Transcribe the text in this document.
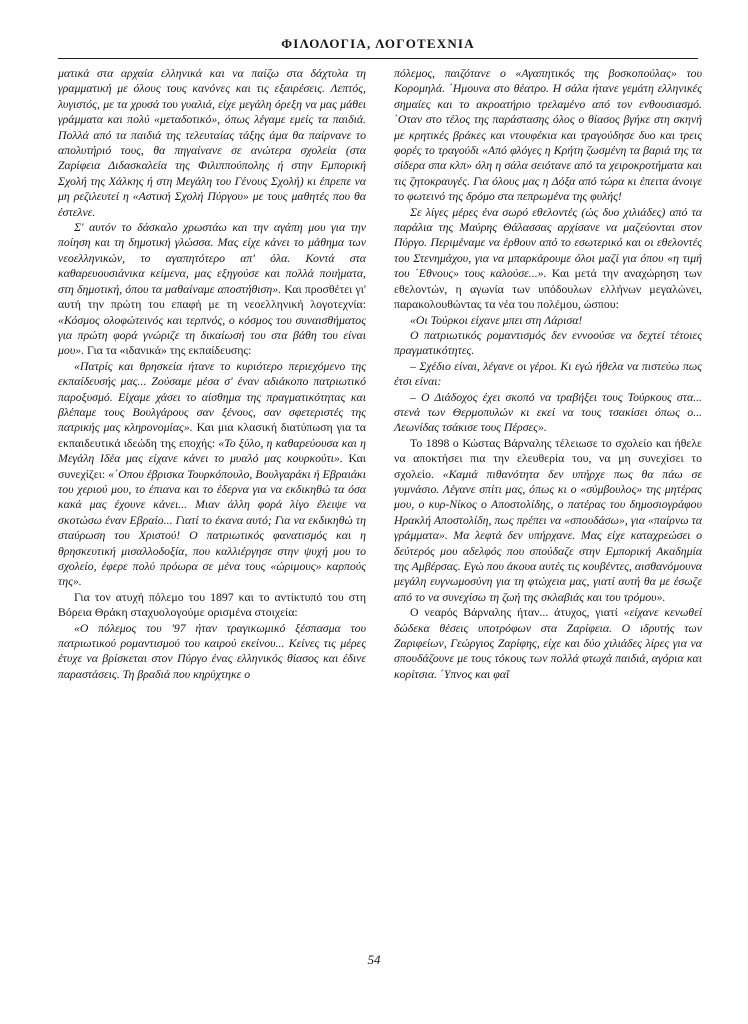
ΦΙΛΟΛΟΓΙΑ, ΛΟΓΟΤΕΧΝΙΑ

ματικά στα αρχαία ελληνικά και να παίζω στα δάχτυλα τη γραμματική με όλους τους κανόνες και τις εξαιρέσεις. Λεπτός, λυγιστός, με τα χρυσά του γυαλιά, είχε μεγάλη όρεξη να μας μάθει γράμματα και πολύ «μεταδοτικό», όπως λέγαμε εμείς τα παιδιά. Πολλά από τα παιδιά της τελευταίας τάξης άμα θα παίρνανε το απολυτήριό τους, θα πηγαίνανε σε ανώτερα σχολεία (στα Ζαρίφεια Διδασκαλεία της Φιλιππούπολης ή στην Εμπορική Σχολή της Χάλκης ή στη Μεγάλη του Γένους Σχολή) κι έπρεπε να μη ρεζιλευτεί η «Αστική Σχολή Πύργου» με τους μαθητές που θα έστελνε.

Σ' αυτόν το δάσκαλο χρωστάω και την αγάπη μου για την ποίηση και τη δημοτική γλώσσα. Μας είχε κάνει το μάθημα των νεοελληνικών, το αγαπητότερο απ' όλα. Κοντά στα καθαρευουσιάνικα κείμενα, μας εξηγούσε και πολλά ποιήματα, στη δημοτική, όπου τα μαθαίναμε αποστήθιση». Και προσθέτει γι' αυτή την πρώτη του επαφή με τη νεοελληνική λογοτεχνία: «Κόσμος ολοφώτεινός και τερπνός, ο κόσμος του συναισθήματος για πρώτη φορά γνώριζε τη δικαίωσή του στα βάθη του είναι μου». Για τα «ιδανικά» της εκπαίδευσης:

«Πατρίς και θρησκεία ήτανε το κυριότερο περιεχόμενο της εκπαίδευσής μας... Ζούσαμε μέσα σ' έναν αδιάκοπο πατριωτικό παροξυσμό. Είχαμε χάσει το αίσθημα της πραγματικότητας και βλέπαμε τους Βουλγάρους σαν ξένους, σαν σφετεριστές της πατρικής μας κληρονομίας». Και μια κλασική διατύπωση για τα εκπαιδευτικά ιδεώδη της εποχής: «Το ξύλο, η καθαρεύουσα και η Μεγάλη Ιδέα μας είχανε κάνει το μυαλό μας κουρκούτι». Και συνεχίζει: «΄Οπου έβρισκα Τουρκόπουλο, Βουλγαράκι ή Εβραιάκι του χεριού μου, το έπιανα και το έδερνα για να εκδικηθώ τα όσα κακά μας έχουνε κάνει... Μιαν άλλη φορά λίγο έλειψε να σκοτώσω έναν Εβραίο... Γιατί το έκανα αυτό; Για να εκδικηθώ τη σταύρωση του Χριστού! Ο πατριωτικός φανατισμός και η θρησκευτική μισαλλοδοξία, που καλλιέργησε στην ψυχή μου το σχολείο, έφερε πολύ πρόωρα σε μένα τους «ώριμους» καρπούς της».

Για τον ατυχή πόλεμο του 1897 και το αντίκτυπό του στη Βόρεια Θράκη σταχυολογούμε ορισμένα στοιχεία:

«Ο πόλεμος του '97 ήταν τραγικωμικό ξέσπασμα του πατριωτικού ρομαντισμού του καιρού εκείνου... Κείνες τις μέρες έτυχε να βρίσκεται στον Πύργο ένας ελληνικός θίασος και έδινε παραστάσεις. Τη βραδιά που κηρύχτηκε ο

πόλεμος, παιζότανε ο «Αγαπητικός της βοσκοπούλας» του Κορομηλά. ΄Ημουνα στο θέατρο. Η σάλα ήτανε γεμάτη ελληνικές σημαίες και το ακροατήριο τρελαμένο από τον ενθουσιασμό. ΄Οταν στο τέλος της παράστασης όλος ο θίασος βγήκε στη σκηνή με κρητικές βράκες και ντουφέκια και τραγούδησε δυο και τρεις φορές το τραγούδι «Από φλόγες η Κρήτη ζωσμένη τα βαριά της τα σίδερα σπα κλπ» όλη η σάλα σειότανε από τα χειροκροτήματα και τις ζητοκραυγές. Για όλους μας η Δόξα από τώρα κι έπειτα άνοιγε το φωτεινό της δρόμο στα πεπρωμένα της φυλής!

Σε λίγες μέρες ένα σωρό εθελοντές (ώς δυο χιλιάδες) από τα παράλια της Μαύρης Θάλασσας αρχίσανε να μαζεύονται στον Πύργο. Περιμέναμε να έρθουν από το εσωτερικό και οι εθελοντές του Στενημάχου, για να μπαρκάρουμε όλοι μαζί για όπου «η τιμή του ΄Εθνους» τους καλούσε...». Και μετά την αναχώρηση των εθελοντών, η αγωνία των υπόδουλων ελλήνων μεγαλώνει, παρακολουθώντας τα νέα του πολέμου, ώσπου:

«Οι Τούρκοι είχανε μπει στη Λάρισα!

Ο πατριωτικός ρομαντισμός δεν εννοούσε να δεχτεί τέτοιες πραγματικότητες.

– Σχέδιο είναι, λέγανε οι γέροι. Κι εγώ ήθελα να πιστεύω πως έτσι είναι:

– Ο Διάδοχος έχει σκοπό να τραβήξει τους Τούρκους στα... στενά των Θερμοπυλών κι εκεί να τους τσακίσει όπως ο... Λεωνίδας τσάκισε τους Πέρσες».

Το 1898 ο Κώστας Βάρναλης τέλειωσε το σχολείο και ήθελε να αποκτήσει πια την ελευθερία του, να μη συνεχίσει το σχολείο. «Καμιά πιθανότητα δεν υπήρχε πως θα πάω σε γυμνάσιο. Λέγανε σπίτι μας, όπως κι ο «σύμβουλος» της μητέρας μου, ο κυρ-Νίκος ο Αποστολίδης, ο πατέρας του δημοσιογράφου Ηρακλή Αποστολίδη, πως πρέπει να «σπουδάσω», για «παίρνω τα γράμματα». Μα λεφτά δεν υπήρχανε. Μας είχε καταχρεώσει ο δεύτερός μου αδελφός που σπούδαζε στην Εμπορική Ακαδημία της Αμβέρσας. Εγώ που άκουα αυτές τις κουβέντες, αισθανόμουνα μεγάλη ευγνωμοσύνη για τη φτώχεια μας, γιατί αυτή θα με έσωζε από το να συνεχίσω τη ζωή της σκλαβιάς και του τρόμου».

Ο νεαρός Βάρναλης ήταν... άτυχος, γιατί «είχανε κενωθεί δώδεκα θέσεις υποτρόφων στα Ζαρίφεια. Ο ιδρυτής των Ζαριφείων, Γεώργιος Ζαρίφης, είχε και δύο χιλιάδες λίρες για να σπουδάζουνε με τους τόκους των πολλά φτωχά παιδιά, αγόρια και κορίτσια. ΄Υπνος και φαΐ

54
